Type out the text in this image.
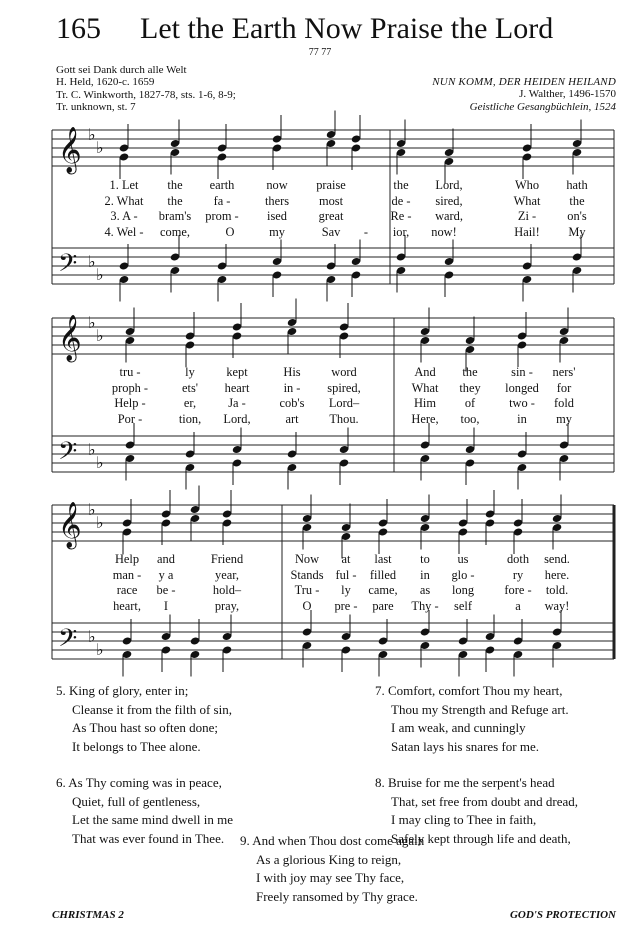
165 Let the Earth Now Praise the Lord
77 77
Gott sei Dank durch alle Welt
H. Held, 1620-c. 1659
Tr. C. Winkworth, 1827-78, sts. 1-6, 8-9;
Tr. unknown, st. 7
NUN KOMM, DER HEIDEN HEILAND
J. Walther, 1496-1570
Geistliche Gesangbüchlein, 1524
𝄞
𝄢
♭
♭
♭
♭
𝄞
𝄢
♭
♭
♭
♭
𝄞
𝄢
♭
♭
♭
♭
1. Let the earth	now praise	the Lord,	Who hath
2. What the	fa -	thers most	de - sired,	What the
3. A - bram's prom - ised	great	Re - ward,	Zi -	on's
4. Wel - come,	O	my	Sav - ior, now!	Hail! My
tru -	ly	kept	His word	And the	sin - ners'
proph -	ets' heart	in - spired,	What they longed for
Help -	er,	Ja -	cob's Lord–	Him of	two - fold
Por -	tion, Lord,	art Thou.	Here, too,	in my
Help and	Friend	Now at last to us	doth send.
man - y a	year,	Stands ful - filled in glo -	ry here.
race be -	hold–	Tru - ly came, as long fore - told.
heart, I	pray,	O pre - pare Thy - self	a way!
5. King of glory, enter in;
Cleanse it from the filth of sin,
As Thou hast so often done;
It belongs to Thee alone.
6. As Thy coming was in peace,
Quiet, full of gentleness,
Let the same mind dwell in me
That was ever found in Thee.
7. Comfort, comfort Thou my heart,
Thou my Strength and Refuge art.
I am weak, and cunningly
Satan lays his snares for me.
8. Bruise for me the serpent's head
That, set free from doubt and dread,
I may cling to Thee in faith,
Safely kept through life and death,
9. And when Thou dost come again
As a glorious King to reign,
I with joy may see Thy face,
Freely ransomed by Thy grace.
CHRISTMAS 2	GOD'S PROTECTION
